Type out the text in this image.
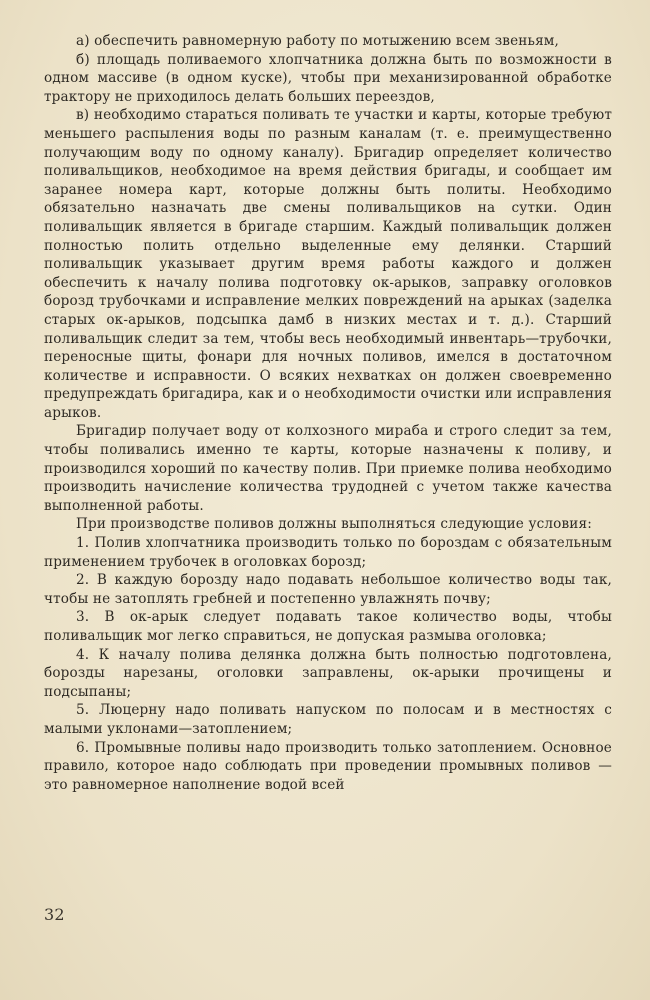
а) обеспечить равномерную работу по мотыжению всем звеньям,

б) площадь поливаемого хлопчатника должна быть по возможности в одном массиве (в одном куске), чтобы при механизированной обработке трактору не приходилось делать больших переездов,

в) необходимо стараться поливать те участки и карты, которые требуют меньшего распыления воды по разным каналам (т. е. преимущественно получающим воду по одному каналу). Бригадир определяет количество поливальщиков, необходимое на время действия бригады, и сообщает им заранее номера карт, которые должны быть политы. Необходимо обязательно назначать две смены поливальщиков на сутки. Один поливальщик является в бригаде старшим. Каждый поливальщик должен полностью полить отдельно выделенные ему делянки. Старший поливальщик указывает другим время работы каждого и должен обеспечить к началу полива подготовку ок-арыков, заправку оголовков борозд трубочками и исправление мелких повреждений на арыках (заделка старых ок-арыков, подсыпка дамб в низких местах и т. д.). Старший поливальщик следит за тем, чтобы весь необходимый инвентарь—трубочки, переносные щиты, фонари для ночных поливов, имелся в достаточном количестве и исправности. О всяких нехватках он должен своевременно предупреждать бригадира, как и о необходимости очистки или исправления арыков.

Бригадир получает воду от колхозного мираба и строго следит за тем, чтобы поливались именно те карты, которые назначены к поливу, и производился хороший по качеству полив. При приемке полива необходимо производить начисление количества трудодней с учетом также качества выполненной работы.

При производстве поливов должны выполняться следующие условия:

1. Полив хлопчатника производить только по бороздам с обязательным применением трубочек в оголовках борозд;

2. В каждую борозду надо подавать небольшое количество воды так, чтобы не затоплять гребней и постепенно увлажнять почву;

3. В ок-арык следует подавать такое количество воды, чтобы поливальщик мог легко справиться, не допуская размыва оголовка;

4. К началу полива делянка должна быть полностью подготовлена, борозды нарезаны, оголовки заправлены, ок-арыки прочищены и подсыпаны;

5. Люцерну надо поливать напуском по полосам и в местностях с малыми уклонами—затоплением;

6. Промывные поливы надо производить только затоплением. Основное правило, которое надо соблюдать при проведении промывных поливов — это равномерное наполнение водой всей

32
